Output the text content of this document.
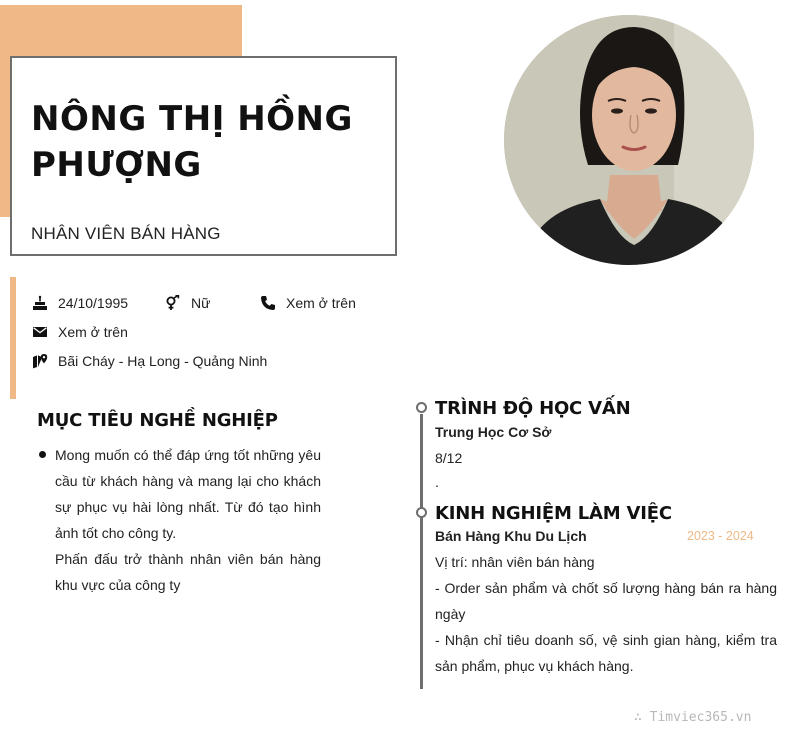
NÔNG THỊ HỒNG PHƯỢNG
NHÂN VIÊN BÁN HÀNG
24/10/1995	Nữ	Xem ở trên
Xem ở trên
Bãi Cháy - Hạ Long - Quảng Ninh
MỤC TIÊU NGHỀ NGHIỆP

Mong muốn có thể đáp ứng tốt những yêu cầu từ khách hàng và mang lại cho khách sự phục vụ hài lòng nhất. Từ đó tạo hình ảnh tốt cho công ty.

Phấn đấu trở thành nhân viên bán hàng khu vực của công ty

TRÌNH ĐỘ HỌC VẤN
Trung Học Cơ Sở
8/12
.
KINH NGHIỆM LÀM VIỆC
Bán Hàng Khu Du Lịch	2023 - 2024

Vị trí: nhân viên bán hàng

- Order sản phẩm và chốt số lượng hàng bán ra hàng ngày

- Nhận chỉ tiêu doanh số, vệ sinh gian hàng, kiểm tra sản phẩm, phục vụ khách hàng.

∴ Timviec365.vn
